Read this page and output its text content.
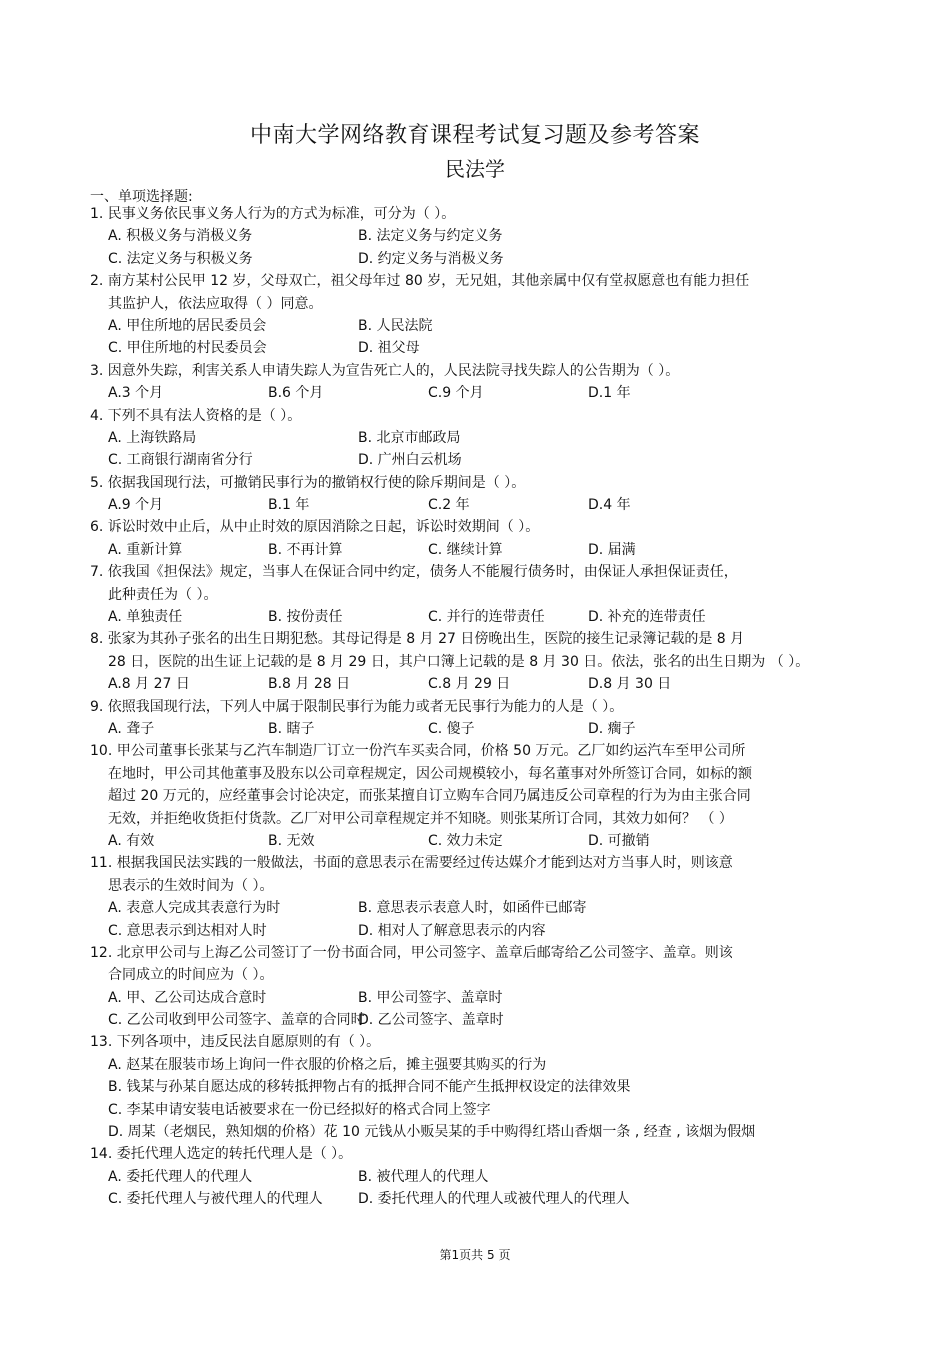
中南大学网络教育课程考试复习题及参考答案
民法学
一、单项选择题:
1. 民事义务依民事义务人行为的方式为标准，可分为（ ）。
A. 积极义务与消极义务	B. 法定义务与约定义务
C. 法定义务与积极义务	D. 约定义务与消极义务
2. 南方某村公民甲 12 岁，父母双亡，祖父母年过 80 岁，无兄姐，其他亲属中仅有堂叔愿意也有能力担任
其监护人，依法应取得（ ）同意。
A. 甲住所地的居民委员会	B. 人民法院
C. 甲住所地的村民委员会	D. 祖父母
3. 因意外失踪，利害关系人申请失踪人为宣告死亡人的，人民法院寻找失踪人的公告期为（ ）。
A.3 个月	B.6 个月	C.9 个月	D.1 年
4. 下列不具有法人资格的是（ ）。
A. 上海铁路局	B. 北京市邮政局
C. 工商银行湖南省分行	D. 广州白云机场
5. 依据我国现行法，可撤销民事行为的撤销权行使的除斥期间是（ ）。
A.9 个月	B.1 年	C.2 年	D.4 年
6. 诉讼时效中止后，从中止时效的原因消除之日起，诉讼时效期间（ ）。
A. 重新计算	B. 不再计算	C. 继续计算	D. 届满
7. 依我国《担保法》规定，当事人在保证合同中约定，债务人不能履行债务时，由保证人承担保证责任，
此种责任为（ ）。
A. 单独责任	B. 按份责任	C. 并行的连带责任	D. 补充的连带责任
8. 张家为其孙子张名的出生日期犯愁。其母记得是 8 月 27 日傍晚出生，医院的接生记录簿记载的是 8 月
28 日，医院的出生证上记载的是 8 月 29 日，其户口簿上记载的是 8 月 30 日。依法，张名的出生日期为 （ ）。
A.8 月 27 日	B.8 月 28 日	C.8 月 29 日	D.8 月 30 日
9. 依照我国现行法，下列人中属于限制民事行为能力或者无民事行为能力的人是（ ）。
A. 聋子	B. 瞎子	C. 傻子	D. 瘸子
10. 甲公司董事长张某与乙汽车制造厂订立一份汽车买卖合同，价格 50 万元。乙厂如约运汽车至甲公司所
在地时，甲公司其他董事及股东以公司章程规定，因公司规模较小，每名董事对外所签订合同，如标的额
超过 20 万元的，应经董事会讨论决定，而张某擅自订立购车合同乃属违反公司章程的行为为由主张合同
无效，并拒绝收货拒付货款。乙厂对甲公司章程规定并不知晓。则张某所订合同，其效力如何？ （ ）
A. 有效	B. 无效	C. 效力未定	D. 可撤销
11. 根据我国民法实践的一般做法，书面的意思表示在需要经过传达媒介才能到达对方当事人时，则该意
思表示的生效时间为（ ）。
A. 表意人完成其表意行为时	B. 意思表示表意人时，如函件已邮寄
C. 意思表示到达相对人时	D. 相对人了解意思表示的内容
12. 北京甲公司与上海乙公司签订了一份书面合同，甲公司签字、盖章后邮寄给乙公司签字、盖章。则该
合同成立的时间应为（ ）。
A. 甲、乙公司达成合意时	B. 甲公司签字、盖章时
C. 乙公司收到甲公司签字、盖章的合同时
D. 乙公司签字、盖章时
13. 下列各项中，违反民法自愿原则的有（ ）。
A. 赵某在服装市场上询问一件衣服的价格之后，摊主强要其购买的行为
B. 钱某与孙某自愿达成的移转抵押物占有的抵押合同不能产生抵押权设定的法律效果
C. 李某申请安装电话被要求在一份已经拟好的格式合同上签字
D. 周某（老烟民，熟知烟的价格）花 10 元钱从小贩吴某的手中购得红塔山香烟一条 , 经查 , 该烟为假烟
14. 委托代理人选定的转托代理人是（ ）。
A. 委托代理人的代理人	B. 被代理人的代理人
C. 委托代理人与被代理人的代理人	D. 委托代理人的代理人或被代理人的代理人
第1页共 5 页
